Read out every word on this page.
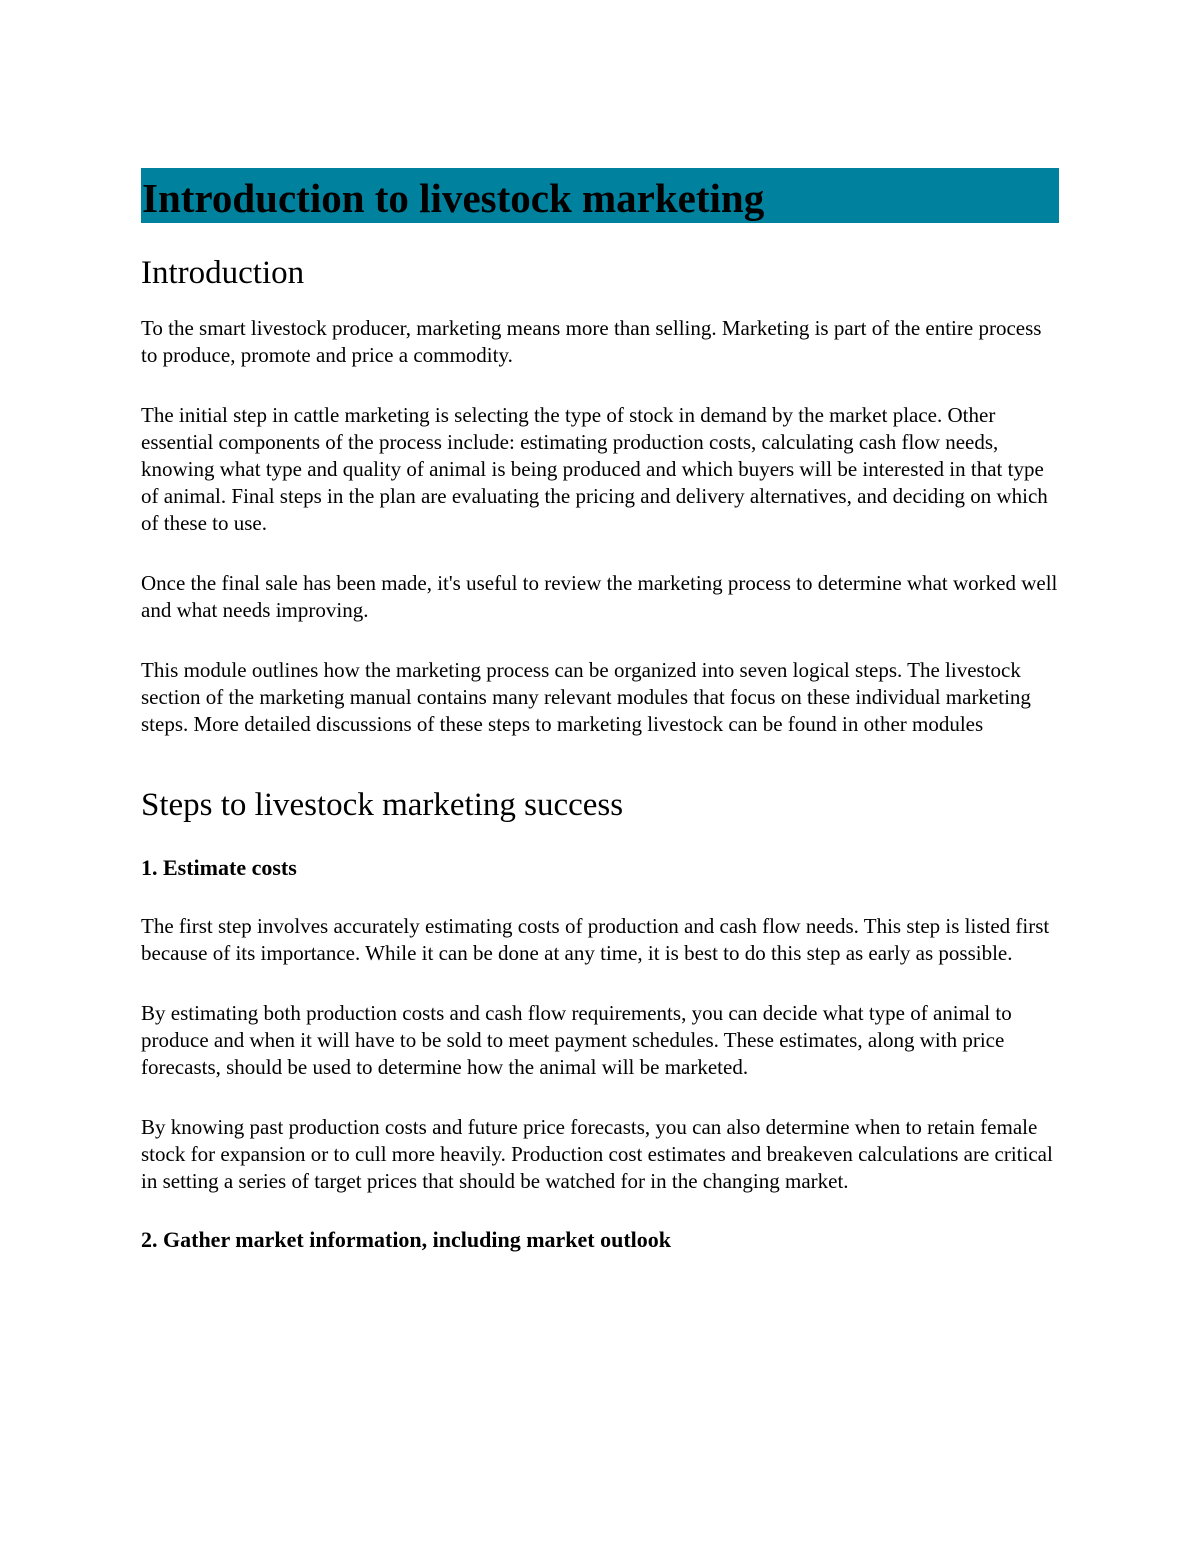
Introduction to livestock marketing
Introduction

To the smart livestock producer, marketing means more than selling. Marketing is part of the entire process to produce, promote and price a commodity.

The initial step in cattle marketing is selecting the type of stock in demand by the market place. Other essential components of the process include: estimating production costs, calculating cash flow needs, knowing what type and quality of animal is being produced and which buyers will be interested in that type of animal. Final steps in the plan are evaluating the pricing and delivery alternatives, and deciding on which of these to use.

Once the final sale has been made, it's useful to review the marketing process to determine what worked well and what needs improving.

This module outlines how the marketing process can be organized into seven logical steps. The livestock section of the marketing manual contains many relevant modules that focus on these individual marketing steps. More detailed discussions of these steps to marketing livestock can be found in other modules

Steps to livestock marketing success
1. Estimate costs

The first step involves accurately estimating costs of production and cash flow needs. This step is listed first because of its importance. While it can be done at any time, it is best to do this step as early as possible.

By estimating both production costs and cash flow requirements, you can decide what type of animal to produce and when it will have to be sold to meet payment schedules. These estimates, along with price forecasts, should be used to determine how the animal will be marketed.

By knowing past production costs and future price forecasts, you can also determine when to retain female stock for expansion or to cull more heavily. Production cost estimates and breakeven calculations are critical in setting a series of target prices that should be watched for in the changing market.

2. Gather market information, including market outlook
